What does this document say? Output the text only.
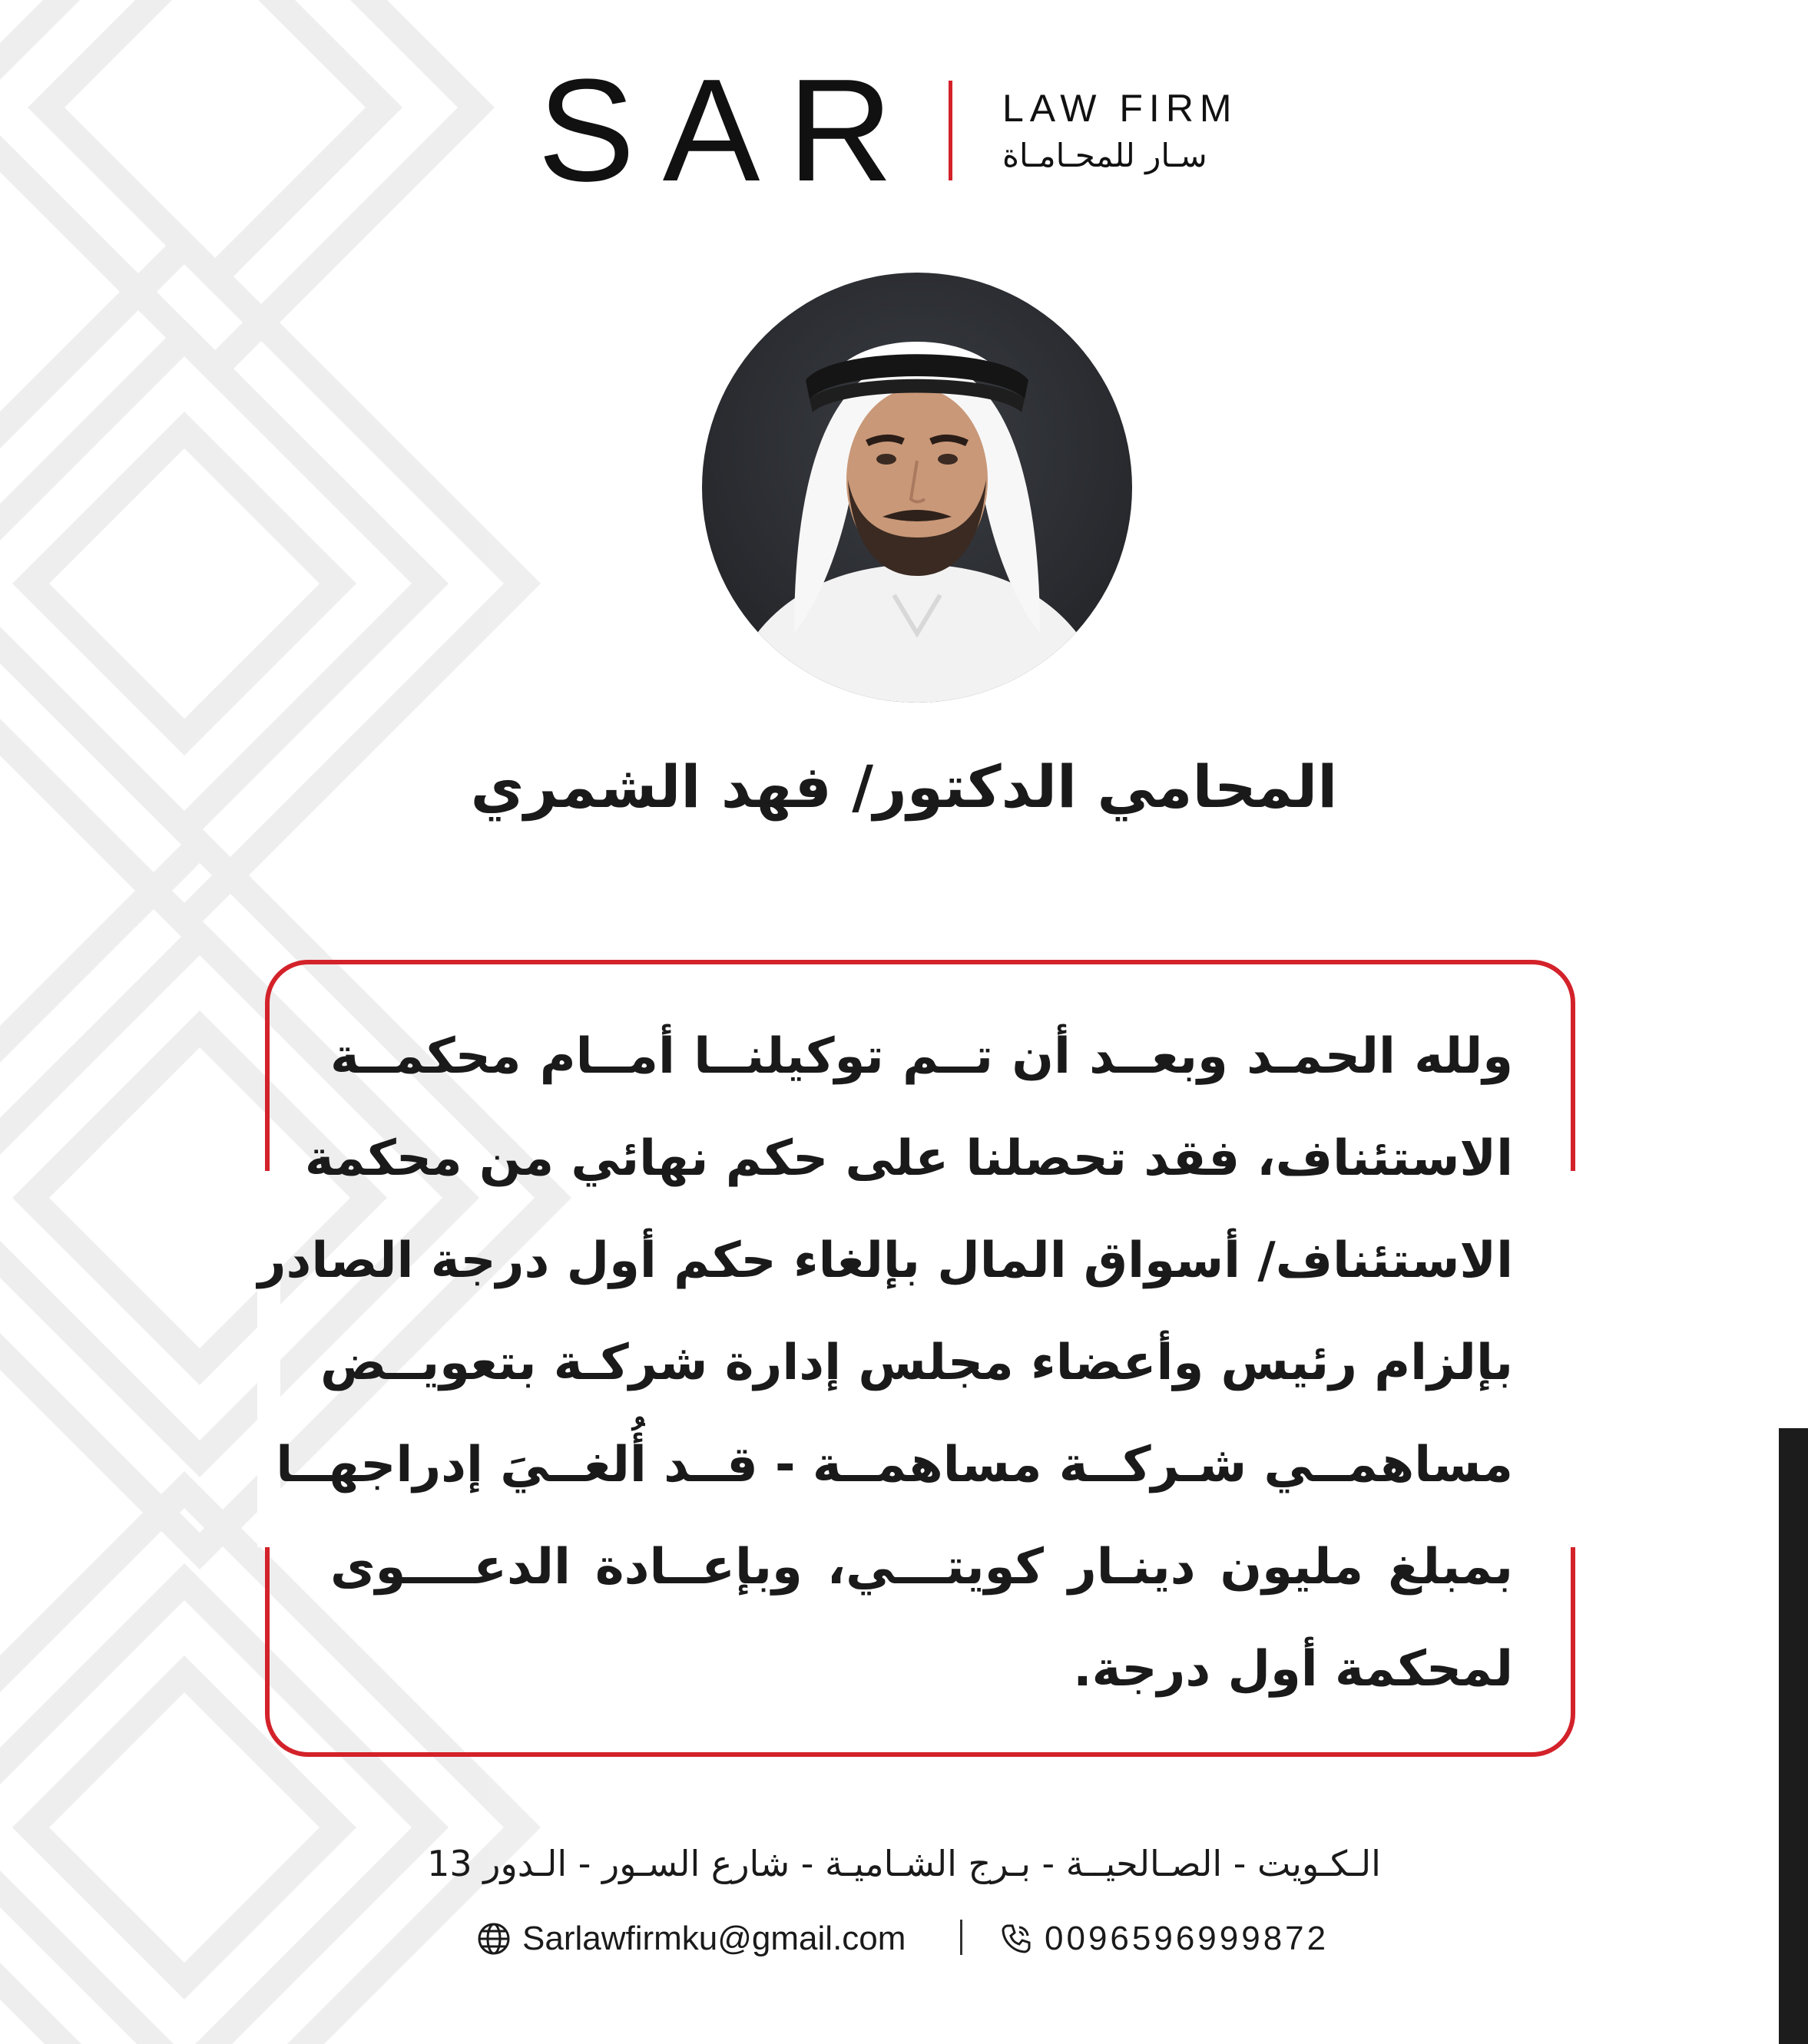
SAR LAW FIRM
سـار للمحـامـاة
المحامي الدكتور/ فهد الشمري
ولله الحمـد وبعــد أن تــم توكيلنــا أمــام محكمــة
الاستئناف، فقد تحصلنا على حكم نهائي من محكمة
الاستئناف/ أسواق المال بإلغاء حكم أول درجة الصادر
بإلزام رئيس وأعضاء مجلس إدارة شركـة بتعويــض
مساهمــي شـركــة مساهمــة - قــد أُلغــيَ إدراجهــا
بمبلغ مليون دينـار كويتـــي، وبإعــادة الدعــــوى
لمحكمة أول درجة.
الـكـويت - الصـالحيــة - بـرج الشـاميـة - شارع السـور - الـدور 13
Sarlawfirmku@gmail.com	0096596999872
